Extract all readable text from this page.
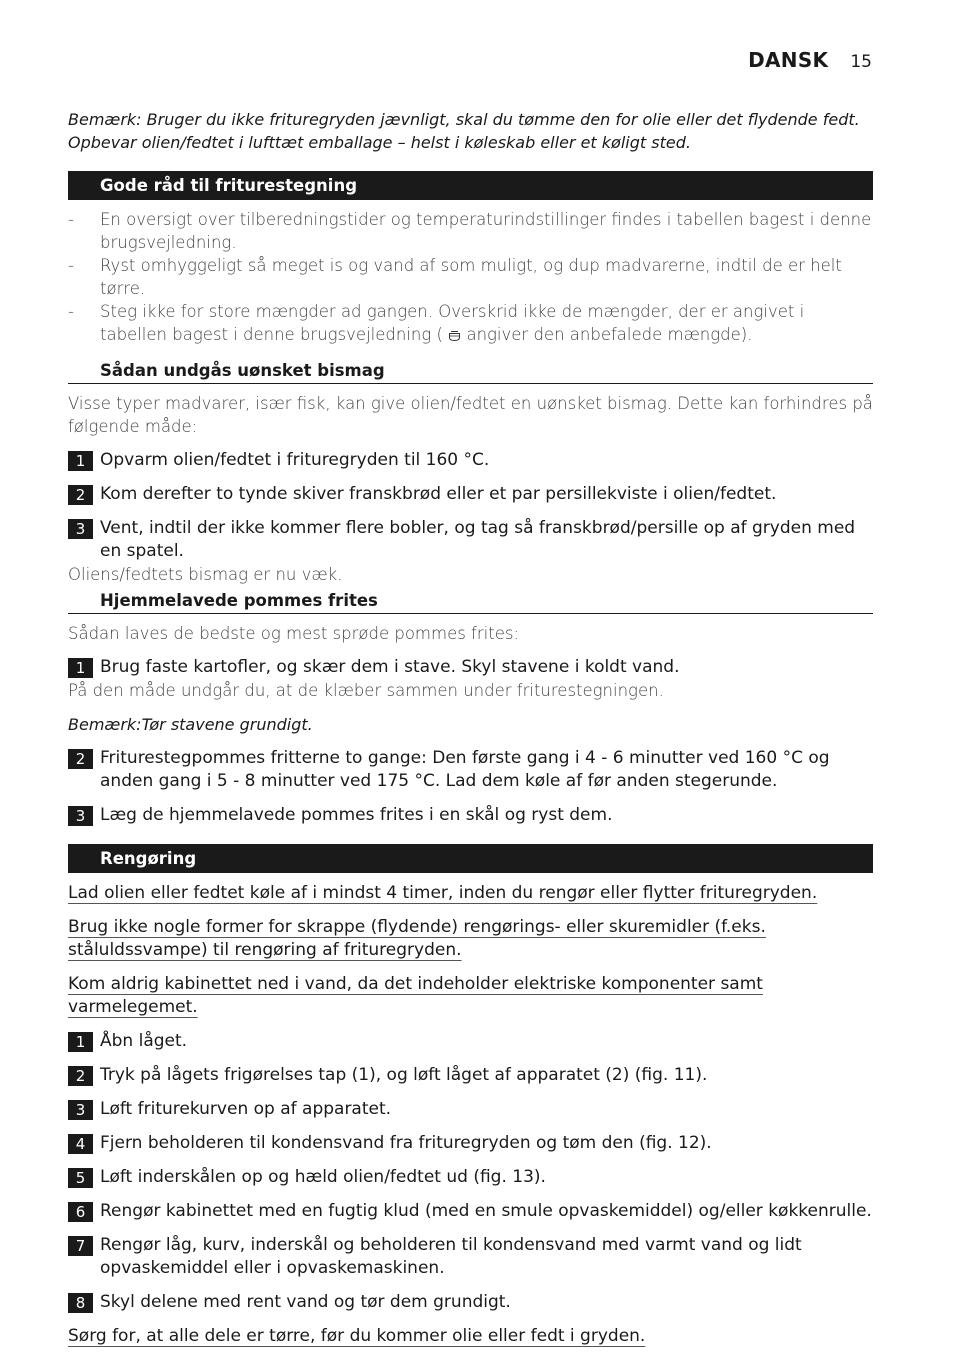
DANSK 15
Bemærk: Bruger du ikke frituregryden jævnligt, skal du tømme den for olie eller det flydende fedt. Opbevar olien/fedtet i lufttæt emballage – helst i køleskab eller et køligt sted.
Gode råd til friturestegning
- En oversigt over tilberedningstider og temperaturindstillinger findes i tabellen bagest i denne brugsvejledning.
- Ryst omhyggeligt så meget is og vand af som muligt, og dup madvarerne, indtil de er helt tørre.
- Steg ikke for store mængder ad gangen. Overskrid ikke de mængder, der er angivet i tabellen bagest i denne brugsvejledning ( angiver den anbefalede mængde).
Sådan undgås uønsket bismag
Visse typer madvarer, især fisk, kan give olien/fedtet en uønsket bismag. Dette kan forhindres på følgende måde:
1 Opvarm olien/fedtet i frituregryden til 160 °C.
2 Kom derefter to tynde skiver franskbrød eller et par persillekviste i olien/fedtet.
3 Vent, indtil der ikke kommer flere bobler, og tag så franskbrød/persille op af gryden med en spatel.
Oliens/fedtets bismag er nu væk.
Hjemmelavede pommes frites
Sådan laves de bedste og mest sprøde pommes frites:
1 Brug faste kartofler, og skær dem i stave. Skyl stavene i koldt vand.
På den måde undgår du, at de klæber sammen under friturestegningen.
Bemærk:Tør stavene grundigt.
2 Friturestegpommes fritterne to gange: Den første gang i 4 - 6 minutter ved 160 °C og anden gang i 5 - 8 minutter ved 175 °C. Lad dem køle af før anden stegerunde.
3 Læg de hjemmelavede pommes frites i en skål og ryst dem.
Rengøring
Lad olien eller fedtet køle af i mindst 4 timer, inden du rengør eller flytter frituregryden.
Brug ikke nogle former for skrappe (flydende) rengørings- eller skuremidler (f.eks. ståluldssvampe) til rengøring af frituregryden.
Kom aldrig kabinettet ned i vand, da det indeholder elektriske komponenter samt varmelegemet.
1 Åbn låget.
2 Tryk på lågets frigørelses tap (1), og løft låget af apparatet (2) (fig. 11).
3 Løft friturekurven op af apparatet.
4 Fjern beholderen til kondensvand fra frituregryden og tøm den (fig. 12).
5 Løft inderskålen op og hæld olien/fedtet ud (fig. 13).
6 Rengør kabinettet med en fugtig klud (med en smule opvaskemiddel) og/eller køkkenrulle.
7 Rengør låg, kurv, inderskål og beholderen til kondensvand med varmt vand og lidt opvaskemiddel eller i opvaskemaskinen.
8 Skyl delene med rent vand og tør dem grundigt.
Sørg for, at alle dele er tørre, før du kommer olie eller fedt i gryden.
